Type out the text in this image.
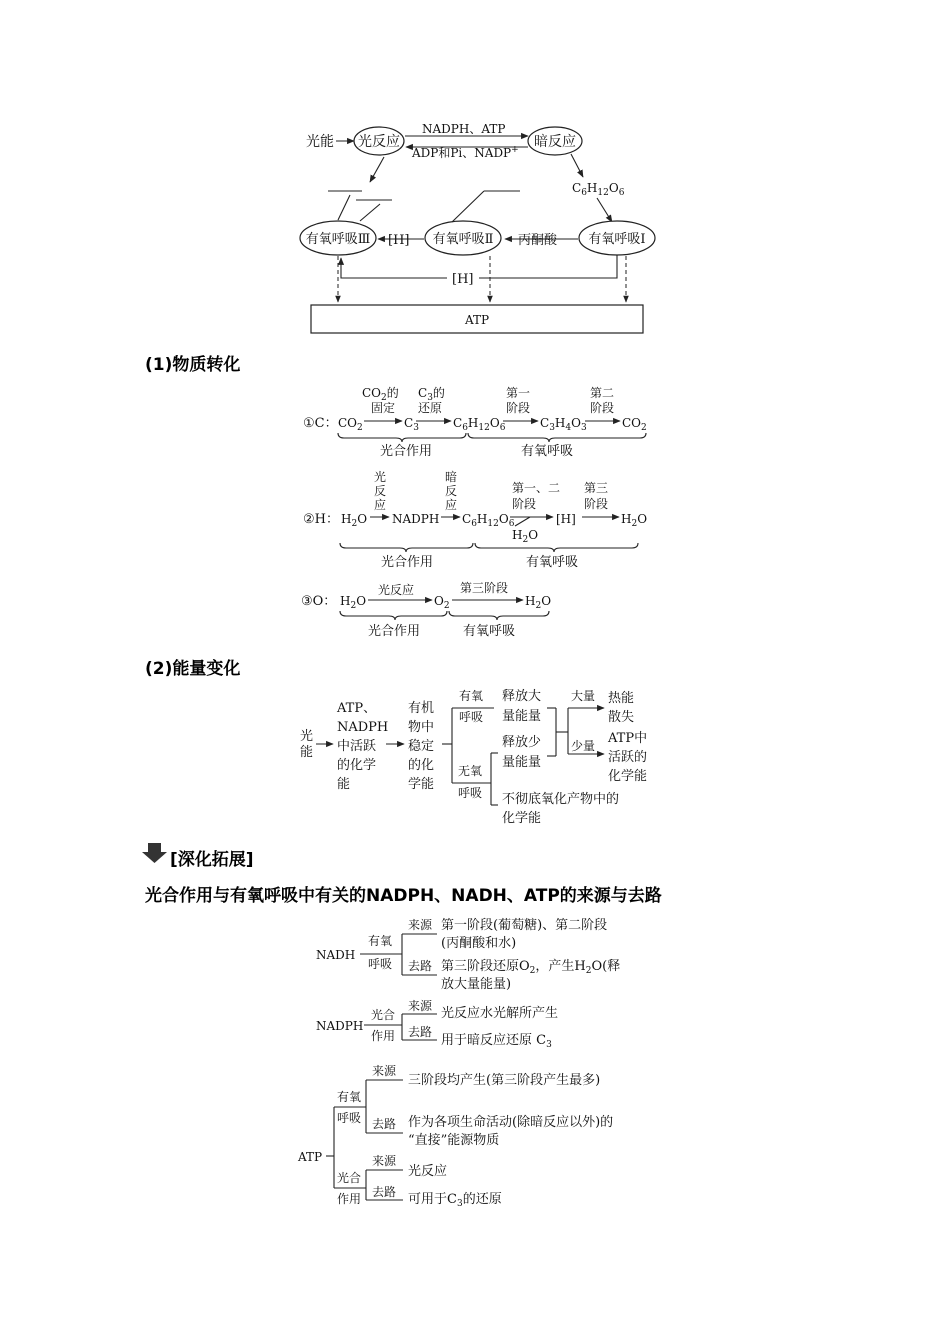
光能 光反应
NADPH、ATP
ADP和Pi、NADP+ 暗反应
$C_6H_{12}O_6$
有氧呼吸Ⅰ
有氧呼吸Ⅱ
有氧呼吸Ⅲ	丙酮酸
[H]
[H]
ATP
①C： $CO_2$
$CO_2$的
固定
$C_3$
$C_3$的
还原
$C_6H_{12}O_6$
第一
阶段
$C_3H_4O_3$
第二
阶段
$CO_2$
光合作用	有氧呼吸
②H： $H_2O$
光
反
应
NADPH
暗
反
应
$C_6H_{12}O_6$
第一、二
阶段
$H_2O$
[H]
第三
阶段
$H_2O$
光合作用	有氧呼吸
③O： $H_2O$
光反应
$O_2$
第三阶段
$H_2O$
光合作用	有氧呼吸
光
能
ATP、
NADPH
中活跃
的化学
能
有机
物中
稳定
的化
学能
有氧
呼吸
无氧
呼吸
释放大
量能量
释放少
量能量
不彻底氧化产物中的
化学能
大量
少量
热能
散失
ATP中
活跃的
化学能
NADH
有氧
呼吸
来源
去路
第一阶段(葡萄糖)、第二阶段
(丙酮酸和水)
第三阶段还原$O_2$，产生$H_2O$(释
放大量能量)
NADPH
光合
作用
来源
去路
光反应水光解所产生
用于暗反应还原 $C_3$
ATP
有氧
呼吸
光合
作用
来源
去路
三阶段均产生(第三阶段产生最多)
作为各项生命活动(除暗反应以外)的
“直接”能源物质
来源
去路
光反应
可用于$C_3$的还原
(1)物质转化
(2)能量变化
[深化拓展]
光合作用与有氧呼吸中有关的NADPH、NADH、ATP的来源与去路
